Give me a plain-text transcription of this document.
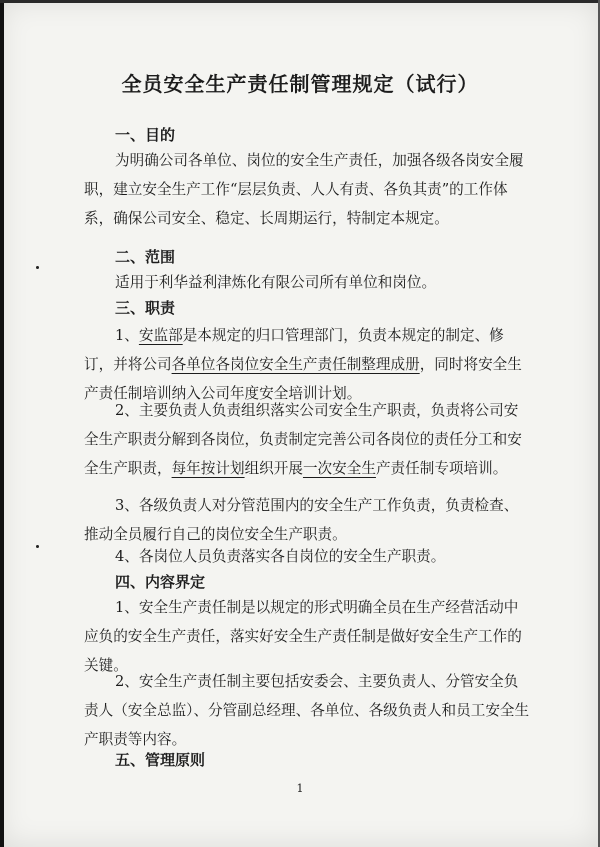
全员安全生产责任制管理规定（试行）
一、目的
为明确公司各单位、岗位的安全生产责任，加强各级各岗安全履职，建立安全生产工作“层层负责、人人有责、各负其责”的工作体系，确保公司安全、稳定、长周期运行，特制定本规定。
二、范围
适用于利华益利津炼化有限公司所有单位和岗位。
三、职责
1、安监部是本规定的归口管理部门，负责本规定的制定、修订，并将公司各单位各岗位安全生产责任制整理成册，同时将安全生产责任制培训纳入公司年度安全培训计划。
2、主要负责人负责组织落实公司安全生产职责，负责将公司安全生产职责分解到各岗位，负责制定完善公司各岗位的责任分工和安全生产职责，每年按计划组织开展一次安全生产责任制专项培训。
3、各级负责人对分管范围内的安全生产工作负责，负责检查、推动全员履行自己的岗位安全生产职责。
4、各岗位人员负责落实各自岗位的安全生产职责。
四、内容界定
1、安全生产责任制是以规定的形式明确全员在生产经营活动中应负的安全生产责任，落实好安全生产责任制是做好安全生产工作的关键。
2、安全生产责任制主要包括安委会、主要负责人、分管安全负责人（安全总监）、分管副总经理、各单位、各级负责人和员工安全生产职责等内容。
五、管理原则
1
